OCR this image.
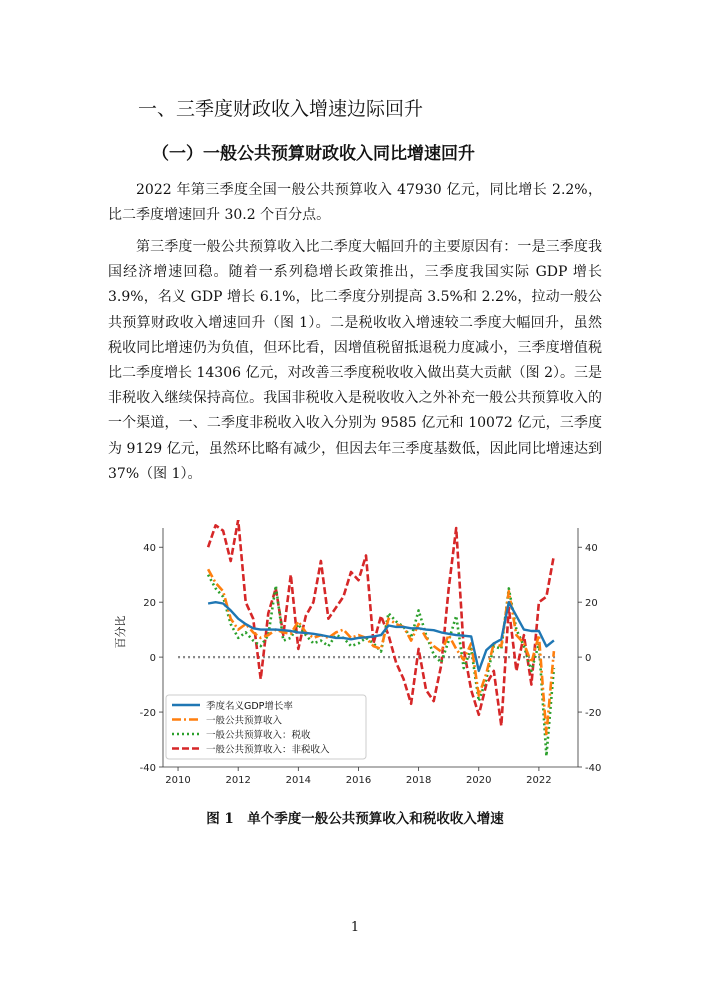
一、三季度财政收入增速边际回升
（一）一般公共预算财政收入同比增速回升
2022 年第三季度全国一般公共预算收入 47930 亿元，同比增长 2.2%，比二季度增速回升 30.2 个百分点。
第三季度一般公共预算收入比二季度大幅回升的主要原因有：一是三季度我国经济增速回稳。随着一系列稳增长政策推出，三季度我国实际 GDP 增长 3.9%，名义 GDP 增长 6.1%，比二季度分别提高 3.5%和 2.2%，拉动一般公共预算财政收入增速回升（图 1）。二是税收收入增速较二季度大幅回升，虽然税收同比增速仍为负值，但环比看，因增值税留抵退税力度减小，三季度增值税比二季度增长 14306 亿元，对改善三季度税收收入做出莫大贡献（图 2）。三是非税收入继续保持高位。我国非税收入是税收收入之外补充一般公共预算收入的一个渠道，一、二季度非税收入收入分别为 9585 亿元和 10072 亿元，三季度为 9129 亿元，虽然环比略有减少，但因去年三季度基数低，因此同比增速达到 37%（图 1）。
-40
-20
0
20
40
-40
-20
0
20
40
2010	2012	2014	2016	2018	2020	2022
季度名义GDP增长率
一般公共预算收入
一般公共预算收入：税收
一般公共预算收入：非税收入
百分比
图 1　单个季度一般公共预算收入和税收收入增速
1
